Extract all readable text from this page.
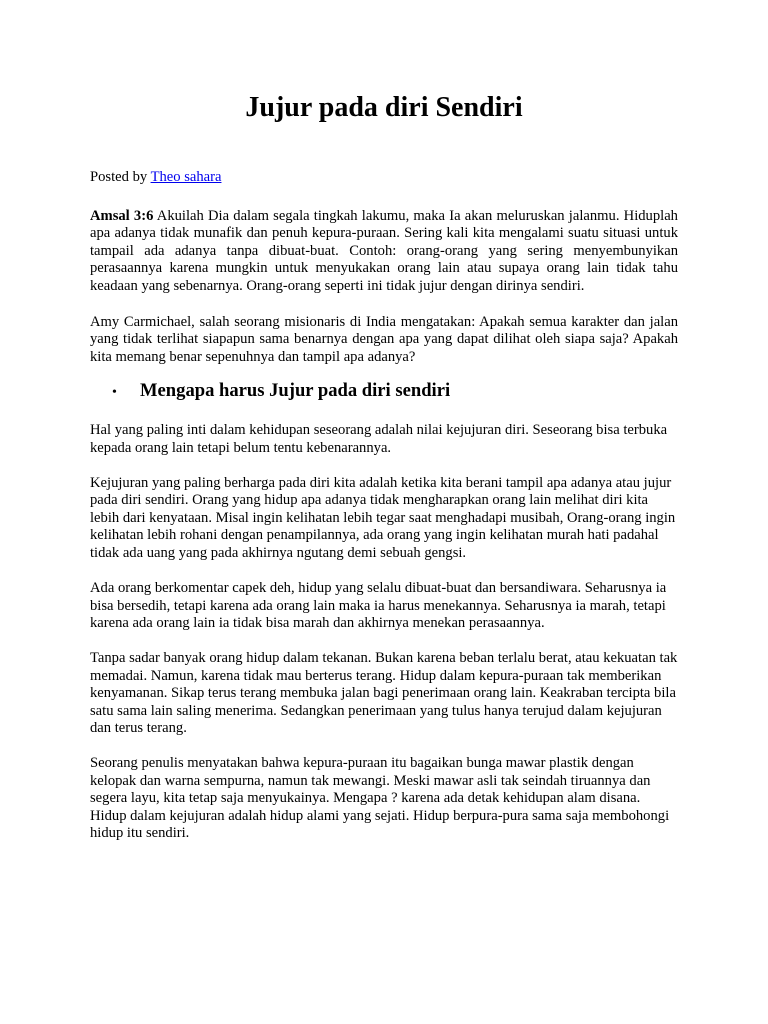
Jujur pada diri Sendiri
Posted by Theo sahara

Amsal 3:6 Akuilah Dia dalam segala tingkah lakumu, maka Ia akan meluruskan jalanmu. Hiduplah apa adanya tidak munafik dan penuh kepura-puraan. Sering kali kita mengalami suatu situasi untuk tampail ada adanya tanpa dibuat-buat. Contoh: orang-orang yang sering menyembunyikan perasaannya karena mungkin untuk menyukakan orang lain atau supaya orang lain tidak tahu keadaan yang sebenarnya. Orang-orang seperti ini tidak jujur dengan dirinya sendiri.

Amy Carmichael, salah seorang misionaris di India mengatakan: Apakah semua karakter dan jalan yang tidak terlihat siapapun sama benarnya dengan apa yang dapat dilihat oleh siapa saja? Apakah kita memang benar sepenuhnya dan tampil apa adanya?

•	Mengapa harus Jujur pada diri sendiri

Hal yang paling inti dalam kehidupan seseorang adalah nilai kejujuran diri. Seseorang bisa terbuka kepada orang lain tetapi belum tentu kebenarannya.

Kejujuran yang paling berharga pada diri kita adalah ketika kita berani tampil apa adanya atau jujur pada diri sendiri. Orang yang hidup apa adanya tidak mengharapkan orang lain melihat diri kita lebih dari kenyataan. Misal ingin kelihatan lebih tegar saat menghadapi musibah, Orang-orang ingin kelihatan lebih rohani dengan penampilannya, ada orang yang ingin kelihatan murah hati padahal tidak ada uang yang pada akhirnya ngutang demi sebuah gengsi.

Ada orang berkomentar capek deh, hidup yang selalu dibuat-buat dan bersandiwara. Seharusnya ia bisa bersedih, tetapi karena ada orang lain maka ia harus menekannya. Seharusnya ia marah, tetapi karena ada orang lain ia tidak bisa marah dan akhirnya menekan perasaannya.

Tanpa sadar banyak orang hidup dalam tekanan. Bukan karena beban terlalu berat, atau kekuatan tak memadai. Namun, karena tidak mau berterus terang. Hidup dalam kepura-puraan tak memberikan kenyamanan. Sikap terus terang membuka jalan bagi penerimaan orang lain. Keakraban tercipta bila satu sama lain saling menerima. Sedangkan penerimaan yang tulus hanya terujud dalam kejujuran dan terus terang.

Seorang penulis menyatakan bahwa kepura-puraan itu bagaikan bunga mawar plastik dengan kelopak dan warna sempurna, namun tak mewangi. Meski mawar asli tak seindah tiruannya dan segera layu, kita tetap saja menyukainya. Mengapa ? karena ada detak kehidupan alam disana. Hidup dalam kejujuran adalah hidup alami yang sejati. Hidup berpura-pura sama saja membohongi hidup itu sendiri.
